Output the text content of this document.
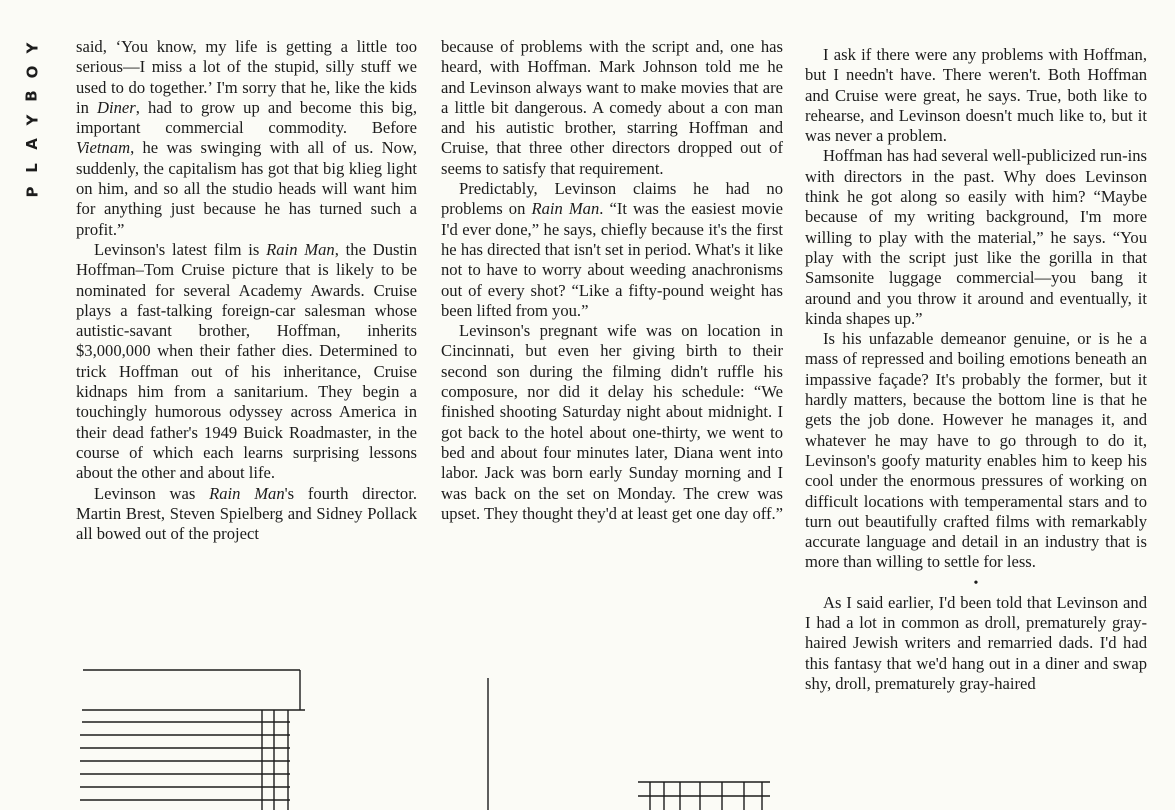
Y
O
B
Y
A
L
P

said, ‘You know, my life is getting a little too serious—I miss a lot of the stupid, silly stuff we used to do together.’ I'm sorry that he, like the kids in Diner, had to grow up and become this big, important commercial commodity. Before Vietnam, he was swinging with all of us. Now, suddenly, the capitalism has got that big klieg light on him, and so all the studio heads will want him for anything just because he has turned such a profit.”

Levinson's latest film is Rain Man, the Dustin Hoffman–Tom Cruise picture that is likely to be nominated for several Academy Awards. Cruise plays a fast-talking foreign-car salesman whose autistic-savant brother, Hoffman, inherits $3,000,000 when their father dies. Determined to trick Hoffman out of his inheritance, Cruise kidnaps him from a sanitarium. They begin a touchingly humorous odyssey across America in their dead father's 1949 Buick Roadmaster, in the course of which each learns surprising lessons about the other and about life.

Levinson was Rain Man's fourth director. Martin Brest, Steven Spielberg and Sidney Pollack all bowed out of the project

because of problems with the script and, one has heard, with Hoffman. Mark Johnson told me he and Levinson always want to make movies that are a little bit dangerous. A comedy about a con man and his autistic brother, starring Hoffman and Cruise, that three other directors dropped out of seems to satisfy that requirement.

Predictably, Levinson claims he had no problems on Rain Man. “It was the easiest movie I'd ever done,” he says, chiefly because it's the first he has directed that isn't set in period. What's it like not to have to worry about weeding anachronisms out of every shot? “Like a fifty-pound weight has been lifted from you.”

Levinson's pregnant wife was on location in Cincinnati, but even her giving birth to their second son during the filming didn't ruffle his composure, nor did it delay his schedule: “We finished shooting Saturday night about midnight. I got back to the hotel about one-thirty, we went to bed and about four minutes later, Diana went into labor. Jack was born early Sunday morning and I was back on the set on Monday. The crew was upset. They thought they'd at least get one day off.”

I ask if there were any problems with Hoffman, but I needn't have. There weren't. Both Hoffman and Cruise were great, he says. True, both like to rehearse, and Levinson doesn't much like to, but it was never a problem.

Hoffman has had several well-publicized run-ins with directors in the past. Why does Levinson think he got along so easily with him? “Maybe because of my writing background, I'm more willing to play with the material,” he says. “You play with the script just like the gorilla in that Samsonite luggage commercial—you bang it around and you throw it around and eventually, it kinda shapes up.”

Is his unfazable demeanor genuine, or is he a mass of repressed and boiling emotions beneath an impassive façade? It's probably the former, but it hardly matters, because the bottom line is that he gets the job done. However he manages it, and whatever he may have to go through to do it, Levinson's goofy maturity enables him to keep his cool under the enormous pressures of working on difficult locations with temperamental stars and to turn out beautifully crafted films with remarkably accurate language and detail in an industry that is more than willing to settle for less.

•

As I said earlier, I'd been told that Levinson and I had a lot in common as droll, prematurely gray-haired Jewish writers and remarried dads. I'd had this fantasy that we'd hang out in a diner and swap shy, droll, prematurely gray-haired
